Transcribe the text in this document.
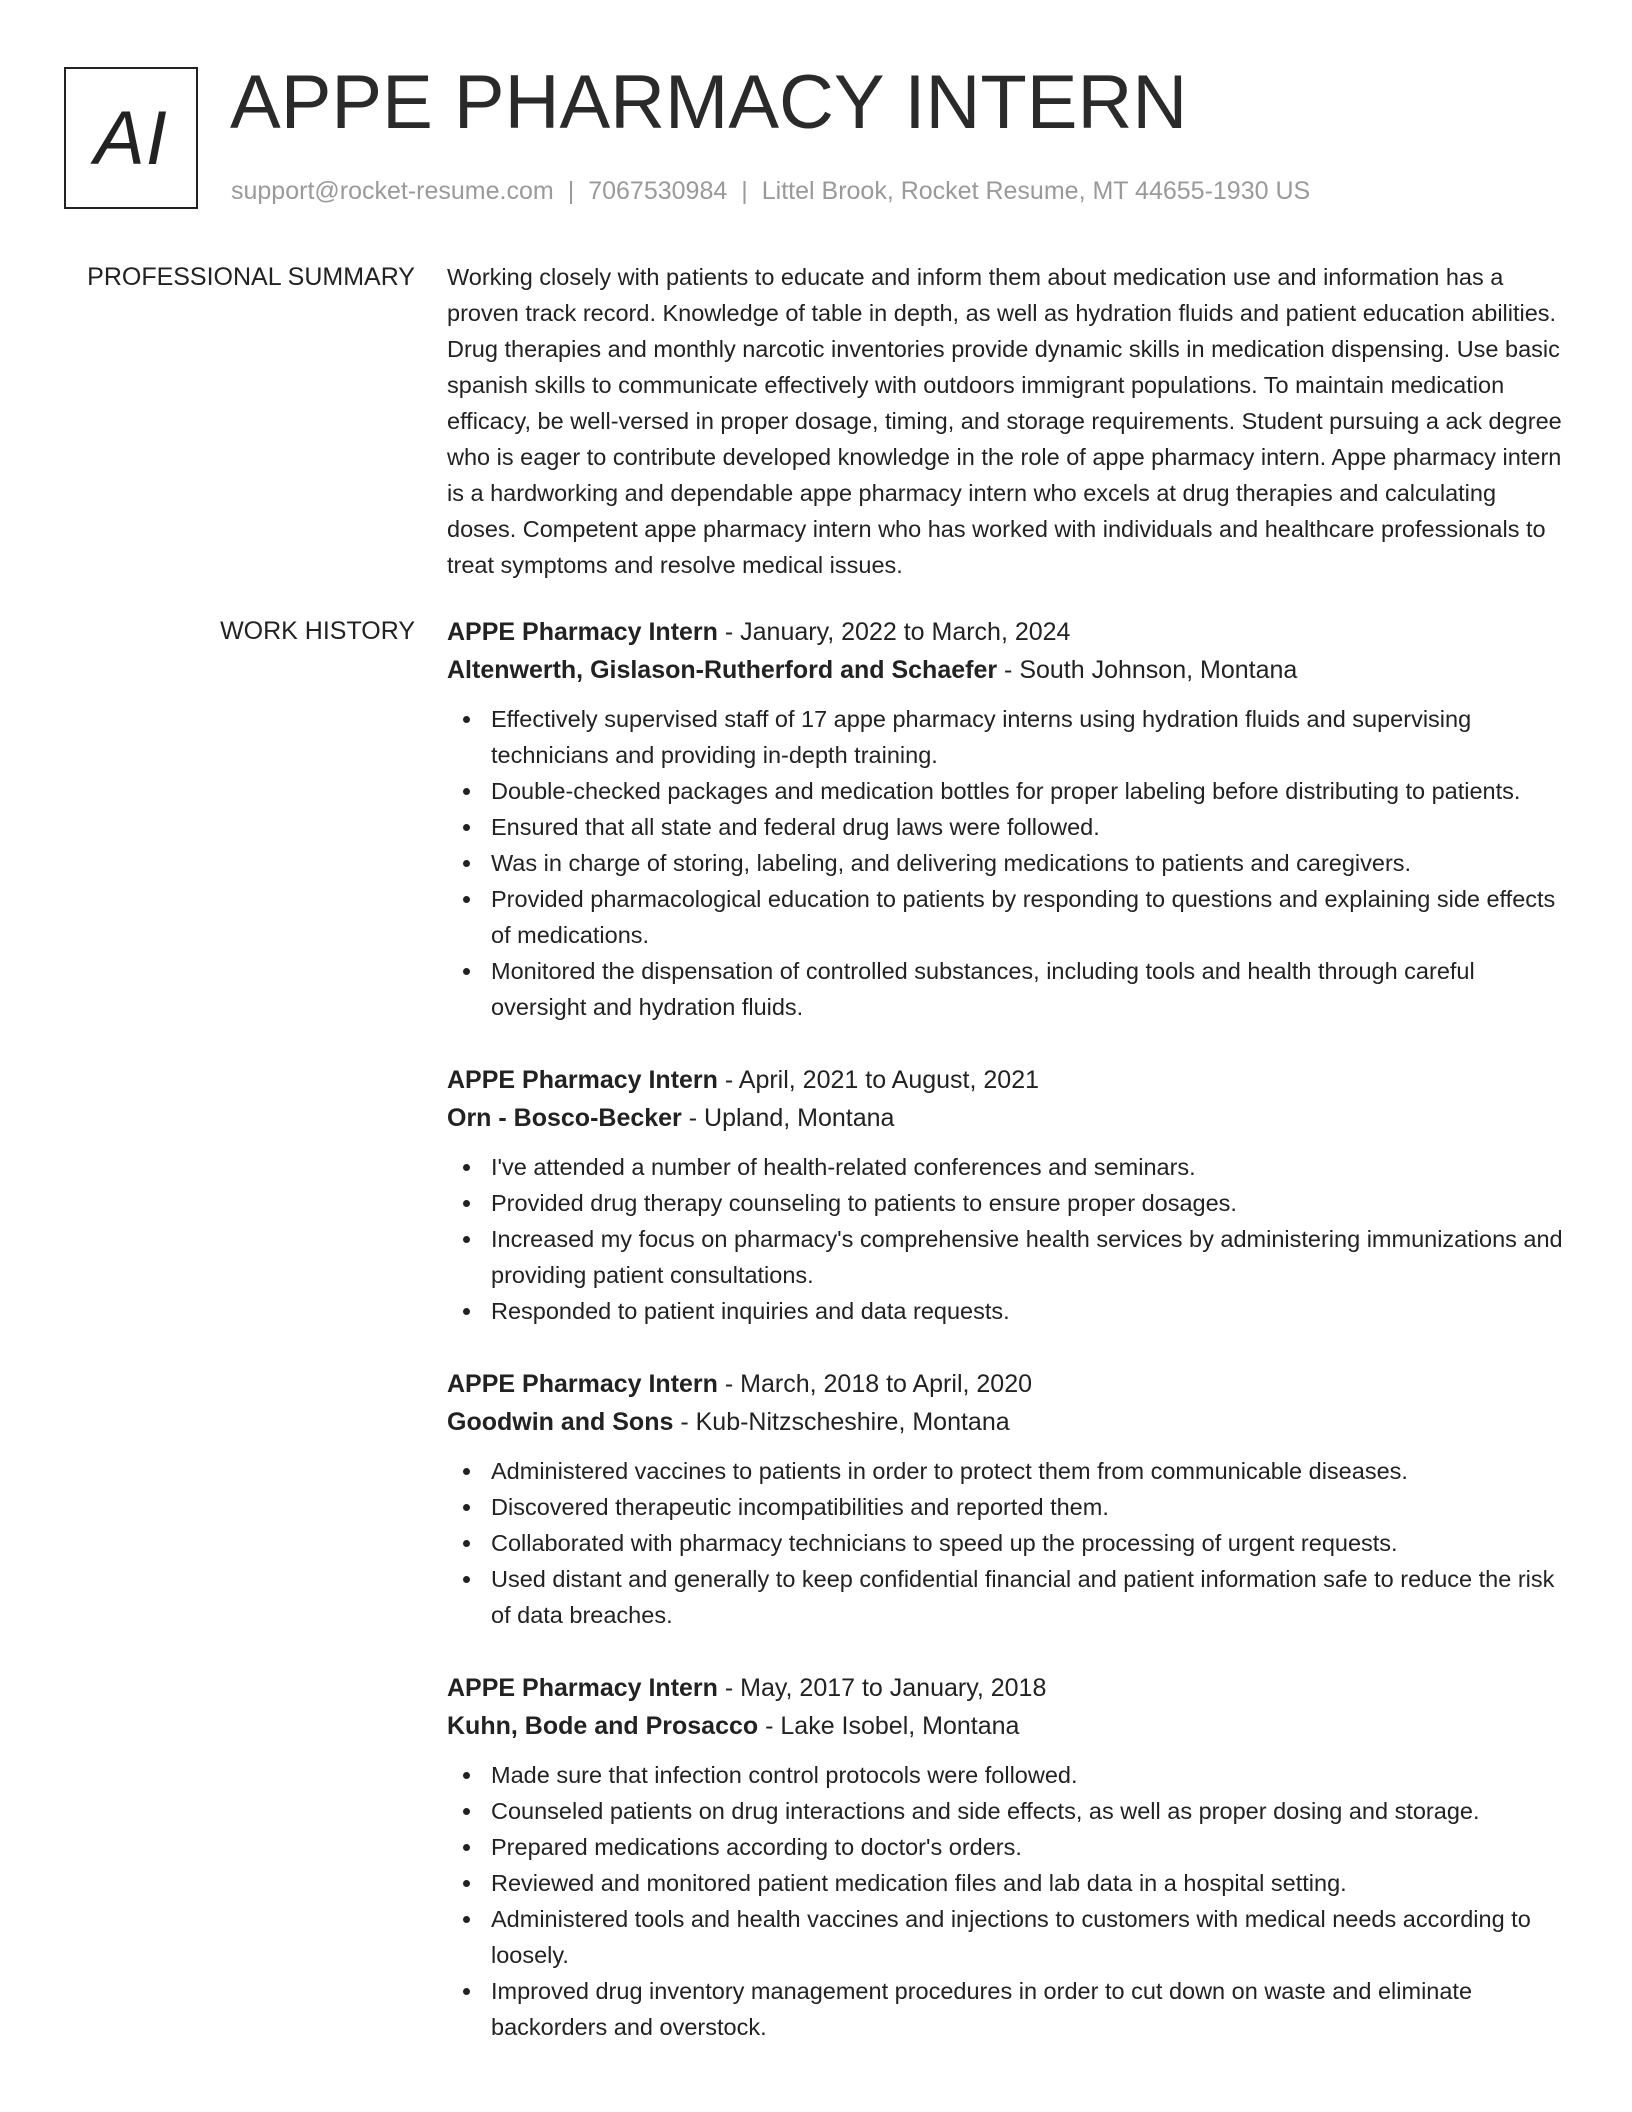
AI APPE PHARMACY INTERN
support@rocket-resume.com | 7067530984 | Littel Brook, Rocket Resume, MT 44655-1930 US
PROFESSIONAL SUMMARY Working closely with patients to educate and inform them about medication use and information has a proven track record. Knowledge of table in depth, as well as hydration fluids and patient education abilities. Drug therapies and monthly narcotic inventories provide dynamic skills in medication dispensing. Use basic spanish skills to communicate effectively with outdoors immigrant populations. To maintain medication efficacy, be well-versed in proper dosage, timing, and storage requirements. Student pursuing a ack degree who is eager to contribute developed knowledge in the role of appe pharmacy intern. Appe pharmacy intern is a hardworking and dependable appe pharmacy intern who excels at drug therapies and calculating doses. Competent appe pharmacy intern who has worked with individuals and healthcare professionals to treat symptoms and resolve medical issues.

WORK HISTORY APPE Pharmacy Intern - January, 2022 to March, 2024
Altenwerth, Gislason-Rutherford and Schaefer - South Johnson, Montana
Effectively supervised staff of 17 appe pharmacy interns using hydration fluids and supervising technicians and providing in-depth training.
Double-checked packages and medication bottles for proper labeling before distributing to patients.
Ensured that all state and federal drug laws were followed.
Was in charge of storing, labeling, and delivering medications to patients and caregivers.
Provided pharmacological education to patients by responding to questions and explaining side effects of medications.
Monitored the dispensation of controlled substances, including tools and health through careful oversight and hydration fluids.
APPE Pharmacy Intern - April, 2021 to August, 2021
Orn - Bosco-Becker - Upland, Montana
I've attended a number of health-related conferences and seminars.
Provided drug therapy counseling to patients to ensure proper dosages.
Increased my focus on pharmacy's comprehensive health services by administering immunizations and providing patient consultations.
Responded to patient inquiries and data requests.
APPE Pharmacy Intern - March, 2018 to April, 2020
Goodwin and Sons - Kub-Nitzscheshire, Montana
Administered vaccines to patients in order to protect them from communicable diseases.
Discovered therapeutic incompatibilities and reported them.
Collaborated with pharmacy technicians to speed up the processing of urgent requests.
Used distant and generally to keep confidential financial and patient information safe to reduce the risk of data breaches.
APPE Pharmacy Intern - May, 2017 to January, 2018
Kuhn, Bode and Prosacco - Lake Isobel, Montana
Made sure that infection control protocols were followed.
Counseled patients on drug interactions and side effects, as well as proper dosing and storage.
Prepared medications according to doctor's orders.
Reviewed and monitored patient medication files and lab data in a hospital setting.
Administered tools and health vaccines and injections to customers with medical needs according to loosely.
Improved drug inventory management procedures in order to cut down on waste and eliminate backorders and overstock.
